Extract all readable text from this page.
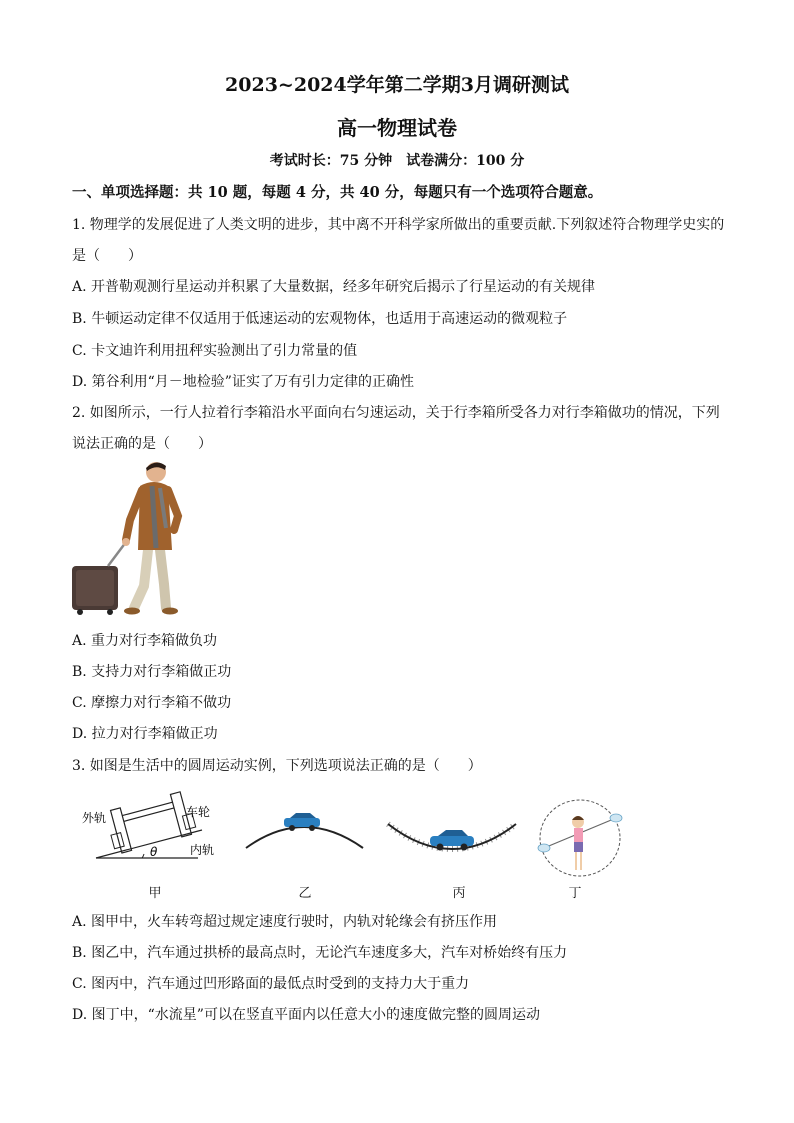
2023~2024学年第二学期3月调研测试
高一物理试卷
考试时长：75 分钟　试卷满分：100 分
一、单项选择题：共 10 题，每题 4 分，共 40 分，每题只有一个选项符合题意。
1. 物理学的发展促进了人类文明的进步，其中离不开科学家所做出的重要贡献.下列叙述符合物理学史实的
是（　　）
A. 开普勒观测行星运动并积累了大量数据，经多年研究后揭示了行星运动的有关规律
B. 牛顿运动定律不仅适用于低速运动的宏观物体，也适用于高速运动的微观粒子
C. 卡文迪许利用扭秤实验测出了引力常量的值
D. 第谷利用“月－地检验”证实了万有引力定律的正确性
2. 如图所示，一行人拉着行李箱沿水平面向右匀速运动，关于行李箱所受各力对行李箱做功的情况，下列
说法正确的是（　　）
A. 重力对行李箱做负功
B. 支持力对行李箱做正功
C. 摩擦力对行李箱不做功
D. 拉力对行李箱做正功
3. 如图是生活中的圆周运动实例，下列选项说法正确的是（　　）
θ
外轨	车轮
内轨
甲	乙	丙	丁
A. 图甲中，火车转弯超过规定速度行驶时，内轨对轮缘会有挤压作用
B. 图乙中，汽车通过拱桥的最高点时，无论汽车速度多大，汽车对桥始终有压力
C. 图丙中，汽车通过凹形路面的最低点时受到的支持力大于重力
D. 图丁中，“水流星”可以在竖直平面内以任意大小的速度做完整的圆周运动
